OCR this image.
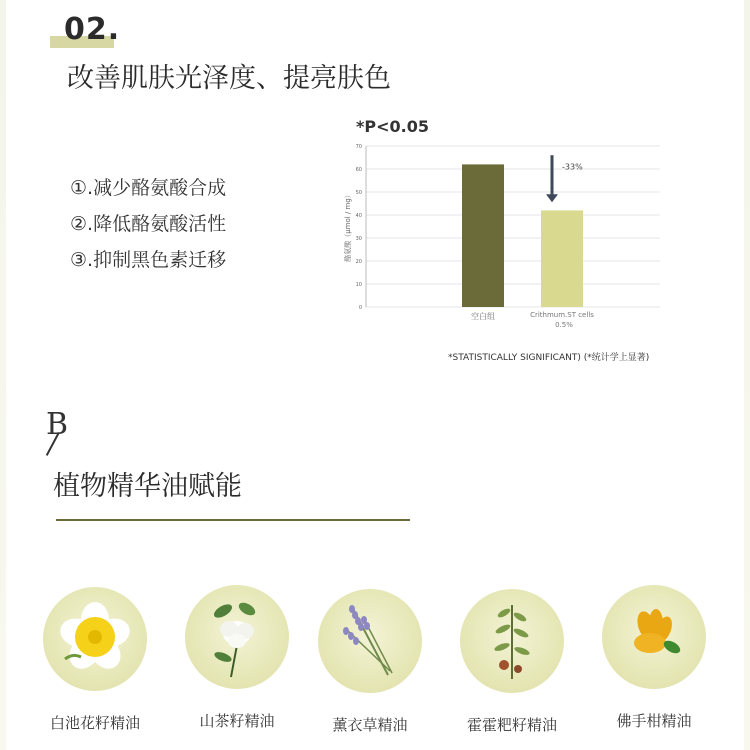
02.
改善肌肤光泽度、提亮肤色
①.减少酪氨酸合成
②.降低酪氨酸活性
③.抑制黑色素迁移
*P<0.05
0
10
20
30
40
50
60
70
酪氨酸（μmol / mg）
空白组	Crithmum.ST cells
0.5%
-33%
*STATISTICALLY SIGNIFICANT) (*统计学上显著)
B
植物精华油赋能
白池花籽精油	山茶籽精油	薰衣草精油	霍霍粑籽精油	佛手柑精油
